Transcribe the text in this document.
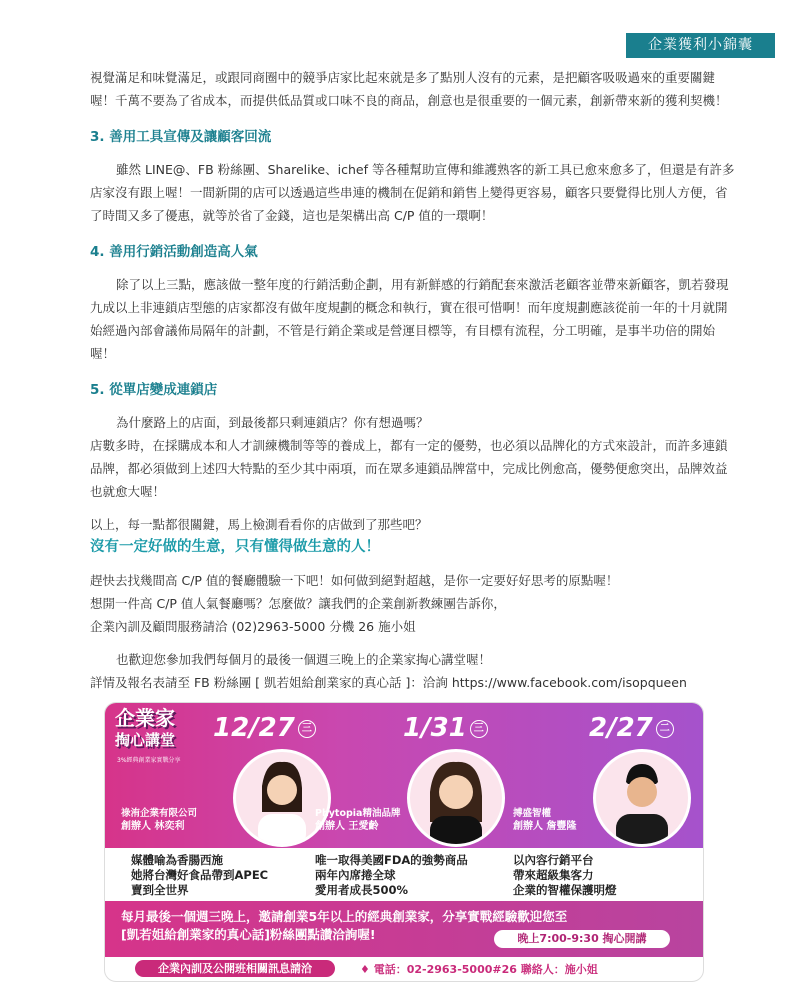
企業獲利小錦囊

視覺滿足和味覺滿足，或跟同商圈中的競爭店家比起來就是多了點別人沒有的元素，是把顧客吸吸過來的重要關鍵喔！千萬不要為了省成本，而提供低品質或口味不良的商品，創意也是很重要的一個元素，創新帶來新的獲利契機！

3. 善用工具宣傳及讓顧客回流

雖然 LINE@、FB 粉絲團、Sharelike、ichef 等各種幫助宣傳和維護熟客的新工具已愈來愈多了，但還是有許多店家沒有跟上喔！一間新開的店可以透過這些串連的機制在促銷和銷售上變得更容易，顧客只要覺得比別人方便，省了時間又多了優惠，就等於省了金錢，這也是架構出高 C/P 值的一環啊！

4. 善用行銷活動創造高人氣

除了以上三點，應該做一整年度的行銷活動企劃，用有新鮮感的行銷配套來激活老顧客並帶來新顧客，凱若發現九成以上非連鎖店型態的店家都沒有做年度規劃的概念和執行，實在很可惜啊！而年度規劃應該從前一年的十月就開始經過內部會議佈局隔年的計劃，不管是行銷企業或是營運目標等，有目標有流程，分工明確，是事半功倍的開始喔！

5. 從單店變成連鎖店

為什麼路上的店面，到最後都只剩連鎖店？你有想過嗎？

店數多時，在採購成本和人才訓練機制等等的養成上，都有一定的優勢，也必須以品牌化的方式來設計，而許多連鎖品牌，都必須做到上述四大特點的至少其中兩項，而在眾多連鎖品牌當中，完成比例愈高，優勢便愈突出，品牌效益也就愈大喔！

以上，每一點都很關鍵，馬上檢測看看你的店做到了那些吧？

沒有一定好做的生意，只有懂得做生意的人！

趕快去找幾間高 C/P 值的餐廳體驗一下吧！如何做到絕對超越，是你一定要好好思考的原點喔！

想開一件高 C/P 值人氣餐廳嗎？怎麼做？讓我們的企業創新教練團告訴你，

企業內訓及顧問服務請洽 (02)2963-5000 分機 26 施小姐

也歡迎您參加我們每個月的最後一個週三晚上的企業家掏心講堂喔！

詳情及報名表請至 FB 粉絲團 [ 凱若姐給創業家的真心話 ]：洽詢 https://www.facebook.com/isopqueen

企業家
掏心講堂
3%經典創業家實戰分享
12/27 三
祿洧企業有限公司
創辦人 林奕利
媒體喻為香腸西施
她將台灣好食品帶到APEC
賣到全世界
1/31 三
Phytopia精油品牌
創辦人 王愛齡
唯一取得美國FDA的強勢商品
兩年內席捲全球
愛用者成長500%
2/27 二
搏盛智權
創辦人 詹豐隆
以內容行銷平台
帶來超級集客力
企業的智權保護明燈
每月最後一個週三晚上，邀請創業5年以上的經典創業家，分享實戰經驗歡迎您至
[凱若姐給創業家的真心話]粉絲團點讚洽詢喔!	晚上7:00-9:30 掏心開講
企業內訓及公開班相關訊息請洽	♦ 電話：02-2963-5000#26 聯絡人：施小姐
